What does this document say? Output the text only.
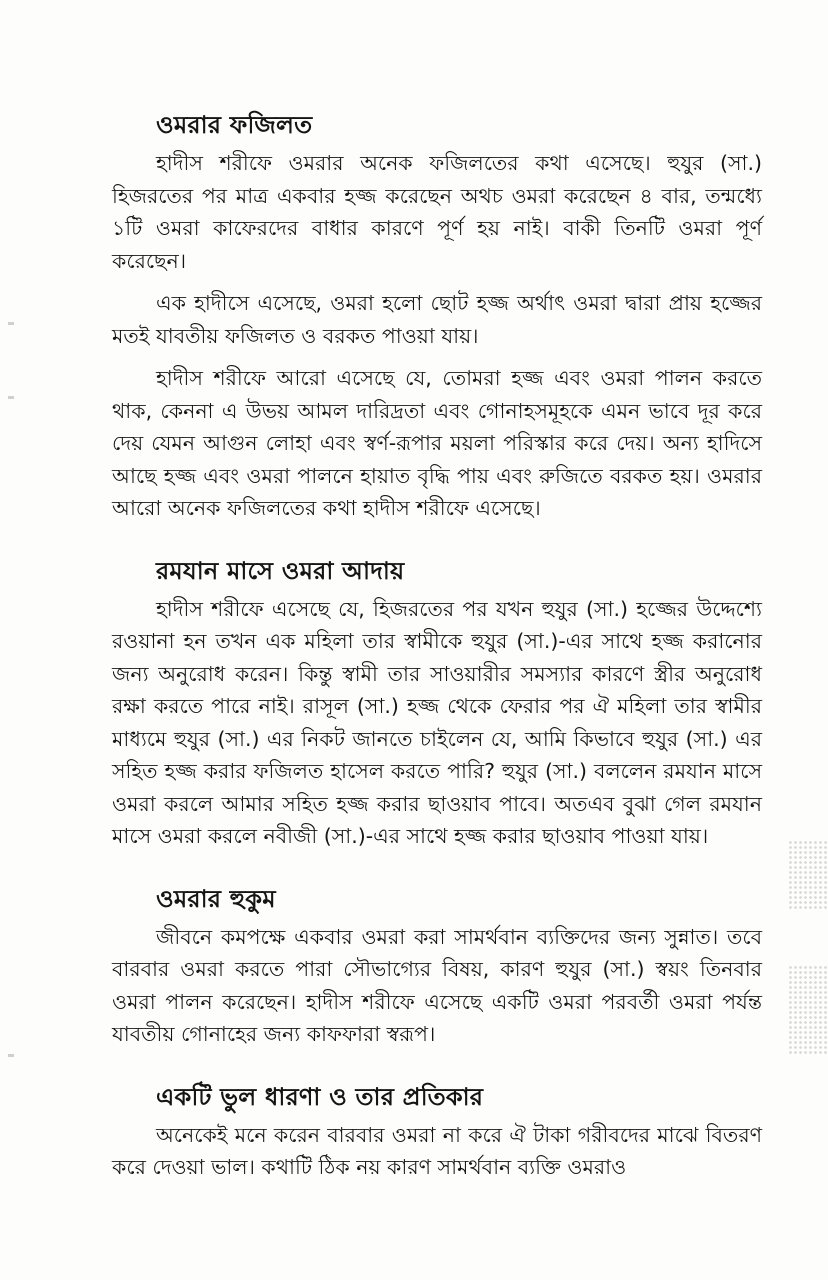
ওমরার ফজিলত

হাদীস শরীফে ওমরার অনেক ফজিলতের কথা এসেছে। হুযুর (সা.) হিজরতের পর মাত্র একবার হজ্জ করেছেন অথচ ওমরা করেছেন ৪ বার, তন্মধ্যে ১টি ওমরা কাফেরদের বাধার কারণে পূর্ণ হয় নাই। বাকী তিনটি ওমরা পূর্ণ করেছেন।

এক হাদীসে এসেছে, ওমরা হলো ছোট হজ্জ অর্থাৎ ওমরা দ্বারা প্রায় হজ্জের মতই যাবতীয় ফজিলত ও বরকত পাওয়া যায়।

হাদীস শরীফে আরো এসেছে যে, তোমরা হজ্জ এবং ওমরা পালন করতে থাক, কেননা এ উভয় আমল দারিদ্রতা এবং গোনাহসমূহকে এমন ভাবে দূর করে দেয় যেমন আগুন লোহা এবং স্বর্ণ-রূপার ময়লা পরিস্কার করে দেয়। অন্য হাদিসে আছে হজ্জ এবং ওমরা পালনে হায়াত বৃদ্ধি পায় এবং রুজিতে বরকত হয়। ওমরার আরো অনেক ফজিলতের কথা হাদীস শরীফে এসেছে।

রমযান মাসে ওমরা আদায়

হাদীস শরীফে এসেছে যে, হিজরতের পর যখন হুযুর (সা.) হজ্জের উদ্দেশ্যে রওয়ানা হন তখন এক মহিলা তার স্বামীকে হুযুর (সা.)-এর সাথে হজ্জ করানোর জন্য অনুরোধ করেন। কিন্তু স্বামী তার সাওয়ারীর সমস্যার কারণে স্ত্রীর অনুরোধ রক্ষা করতে পারে নাই। রাসূল (সা.) হজ্জ থেকে ফেরার পর ঐ মহিলা তার স্বামীর মাধ্যমে হুযুর (সা.) এর নিকট জানতে চাইলেন যে, আমি কিভাবে হুযুর (সা.) এর সহিত হজ্জ করার ফজিলত হাসেল করতে পারি? হুযুর (সা.) বললেন রমযান মাসে ওমরা করলে আমার সহিত হজ্জ করার ছাওয়াব পাবে। অতএব বুঝা গেল রমযান মাসে ওমরা করলে নবীজী (সা.)-এর সাথে হজ্জ করার ছাওয়াব পাওয়া যায়।

ওমরার হুকুম

জীবনে কমপক্ষে একবার ওমরা করা সামর্থবান ব্যক্তিদের জন্য সুন্নাত। তবে বারবার ওমরা করতে পারা সৌভাগ্যের বিষয়, কারণ হুযুর (সা.) স্বয়ং তিনবার ওমরা পালন করেছেন। হাদীস শরীফে এসেছে একটি ওমরা পরবর্তী ওমরা পর্যন্ত যাবতীয় গোনাহের জন্য কাফফারা স্বরূপ।

একটি ভুল ধারণা ও তার প্রতিকার

অনেকেই মনে করেন বারবার ওমরা না করে ঐ টাকা গরীবদের মাঝে বিতরণ করে দেওয়া ভাল। কথাটি ঠিক নয় কারণ সামর্থবান ব্যক্তি ওমরাও
